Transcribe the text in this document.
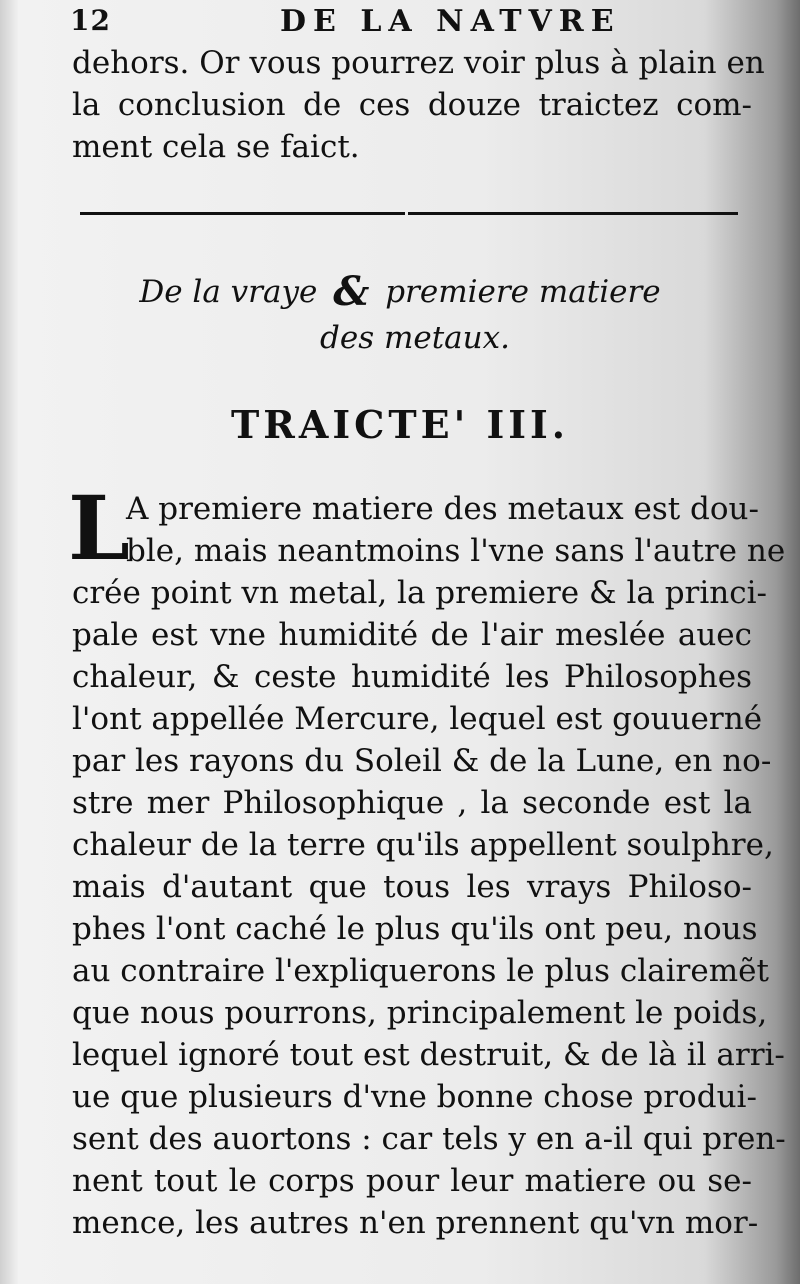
12	DE LA NATVRE
dehors. Or vous pourrez voir plus à plain en
la conclusion de ces douze traictez com-
ment cela se faict.
De la vraye & premiere matiere
des metaux.
TRAICTE' III.
L
A premiere matiere des metaux est dou-
ble, mais neantmoins l'vne sans l'autre ne
crée point vn metal, la premiere & la princi-
pale est vne humidité de l'air meslée auec
chaleur, & ceste humidité les Philosophes
l'ont appellée Mercure, lequel est gouuerné
par les rayons du Soleil & de la Lune, en no-
stre mer Philosophique , la seconde est la
chaleur de la terre qu'ils appellent soulphre,
mais d'autant que tous les vrays Philoso-
phes l'ont caché le plus qu'ils ont peu, nous
au contraire l'expliquerons le plus clairemẽt
que nous pourrons, principalement le poids,
lequel ignoré tout est destruit, & de là il arri-
ue que plusieurs d'vne bonne chose produi-
sent des auortons : car tels y en a-il qui pren-
nent tout le corps pour leur matiere ou se-
mence, les autres n'en prennent qu'vn mor-
